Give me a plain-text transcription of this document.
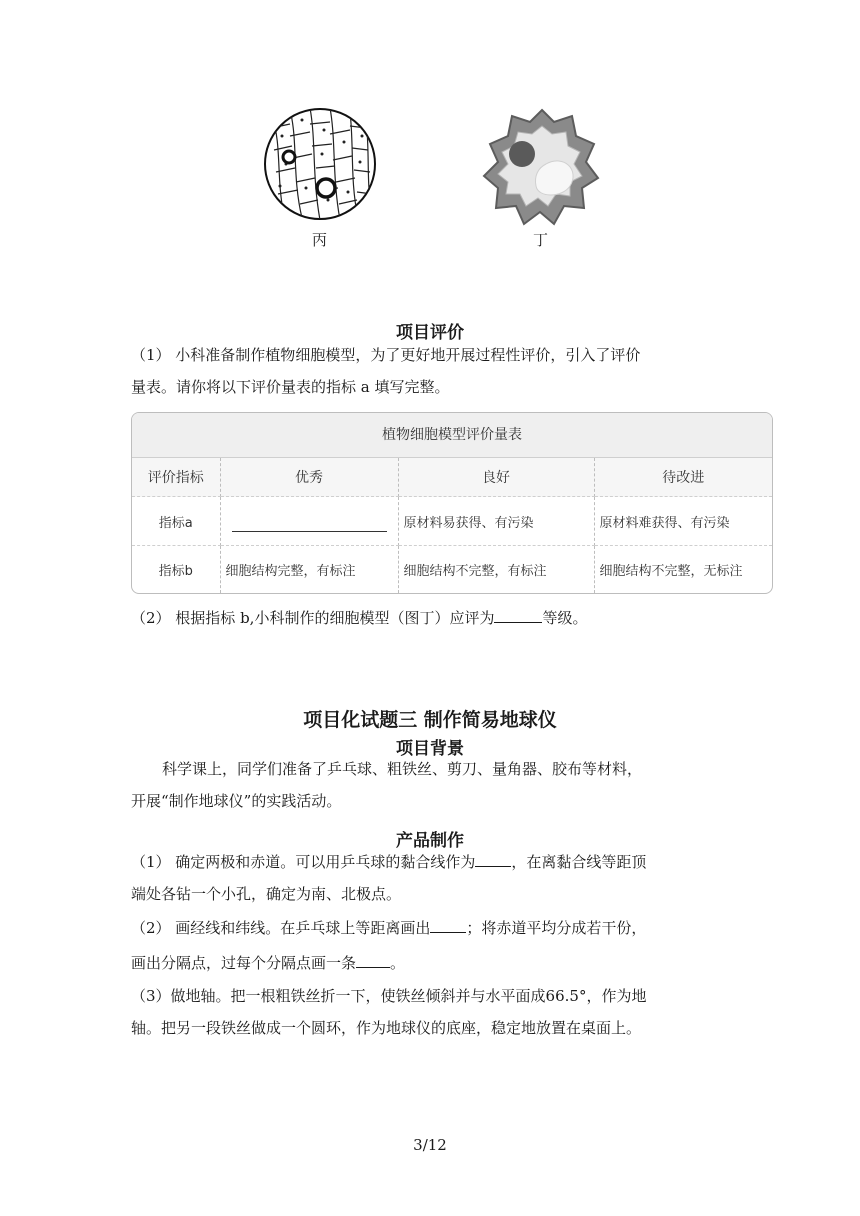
丙	丁
项目评价
（1） 小科准备制作植物细胞模型，为了更好地开展过程性评价，引入了评价
量表。请你将以下评价量表的指标 a 填写完整。
植物细胞模型评价量表
评价指标	优秀	良好	待改进
指标a		原材料易获得、有污染	原材料难获得、有污染
指标b	细胞结构完整，有标注	细胞结构不完整，有标注	细胞结构不完整，无标注
（2） 根据指标 b,小科制作的细胞模型（图丁）应评为	等级。
项目化试题三 制作简易地球仪
项目背景
科学课上，同学们准备了乒乓球、粗铁丝、剪刀、量角器、胶布等材料，
开展“制作地球仪”的实践活动。
产品制作
（1） 确定两极和赤道。可以用乒乓球的黏合线作为 ，在离黏合线等距顶
端处各钻一个小孔，确定为南、北极点。
（2） 画经线和纬线。在乒乓球上等距离画出 ；将赤道平均分成若干份，
画出分隔点，过每个分隔点画一条 。
（3）做地轴。把一根粗铁丝折一下，使铁丝倾斜并与水平面成66.5°，作为地
轴。把另一段铁丝做成一个圆环，作为地球仪的底座，稳定地放置在桌面上。
3/12
